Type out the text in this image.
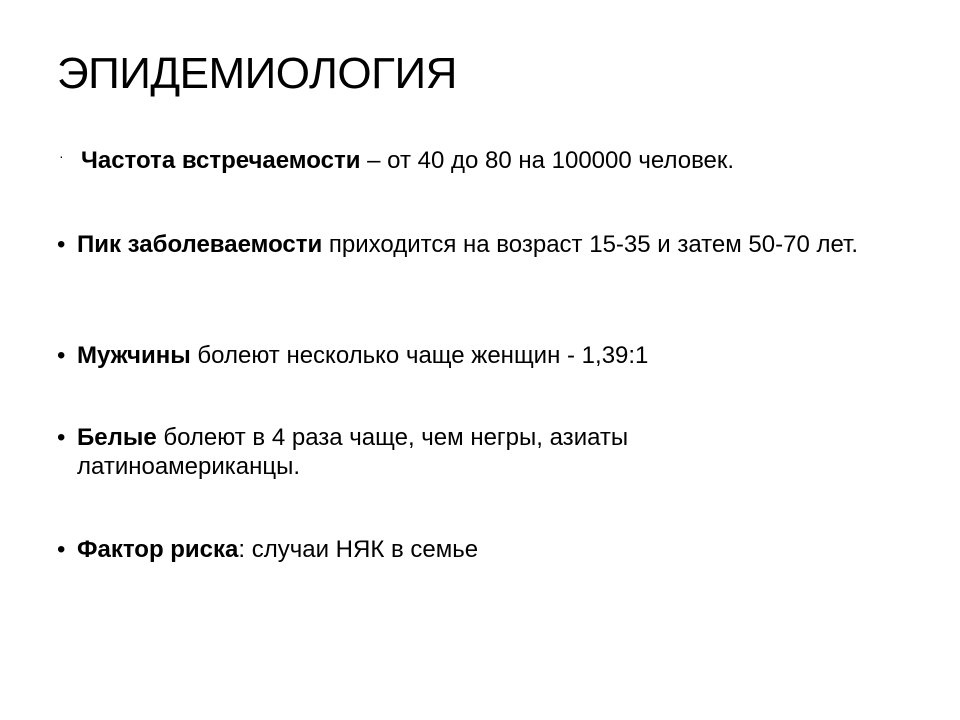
ЭПИДЕМИОЛОГИЯ
· Частота встречаемости – от 40 до 80 на 100000 человек.
• Пик заболеваемости приходится на возраст 15-35 и затем 50-70 лет.
• Мужчины болеют несколько чаще женщин - 1,39:1
• Белые болеют в 4 раза чаще, чем негры, азиаты латиноамериканцы.
• Фактор риска: случаи НЯК в семье
